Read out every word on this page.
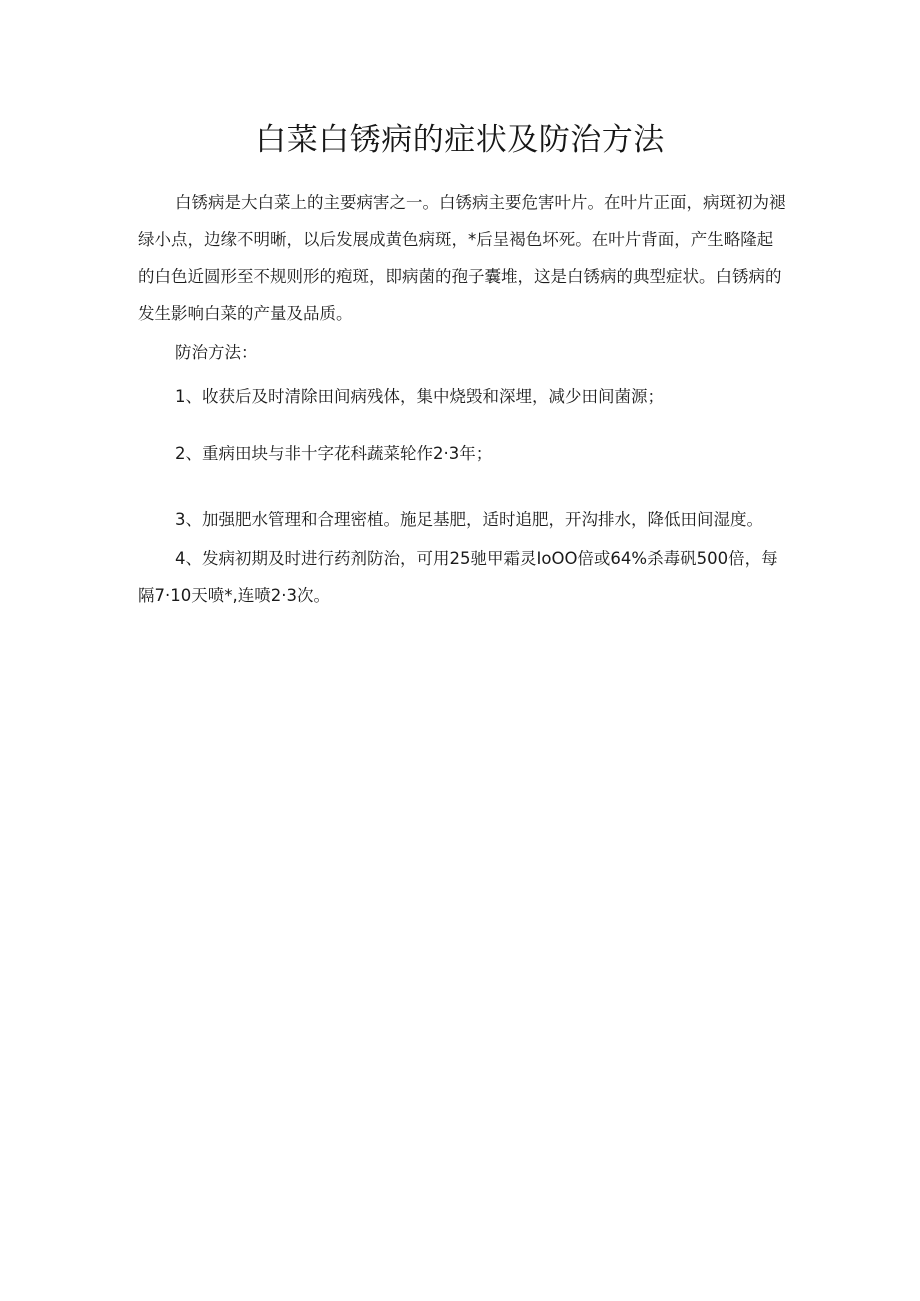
白菜白锈病的症状及防治方法

白锈病是大白菜上的主要病害之一。白锈病主要危害叶片。在叶片正面，病斑初为褪绿小点，边缘不明晰，以后发展成黄色病斑，*后呈褐色坏死。在叶片背面，产生略隆起的白色近圆形至不规则形的疱斑，即病菌的孢子囊堆，这是白锈病的典型症状。白锈病的发生影响白菜的产量及品质。

防治方法：

1、收获后及时清除田间病残体，集中烧毁和深埋，减少田间菌源；

2、重病田块与非十字花科蔬菜轮作2·3年；

3、加强肥水管理和合理密植。施足基肥，适时追肥，开沟排水，降低田间湿度。

4、发病初期及时进行药剂防治，可用25驰甲霜灵IoOO倍或64%杀毒矾500倍，每隔7·10天喷*,连喷2·3次。
